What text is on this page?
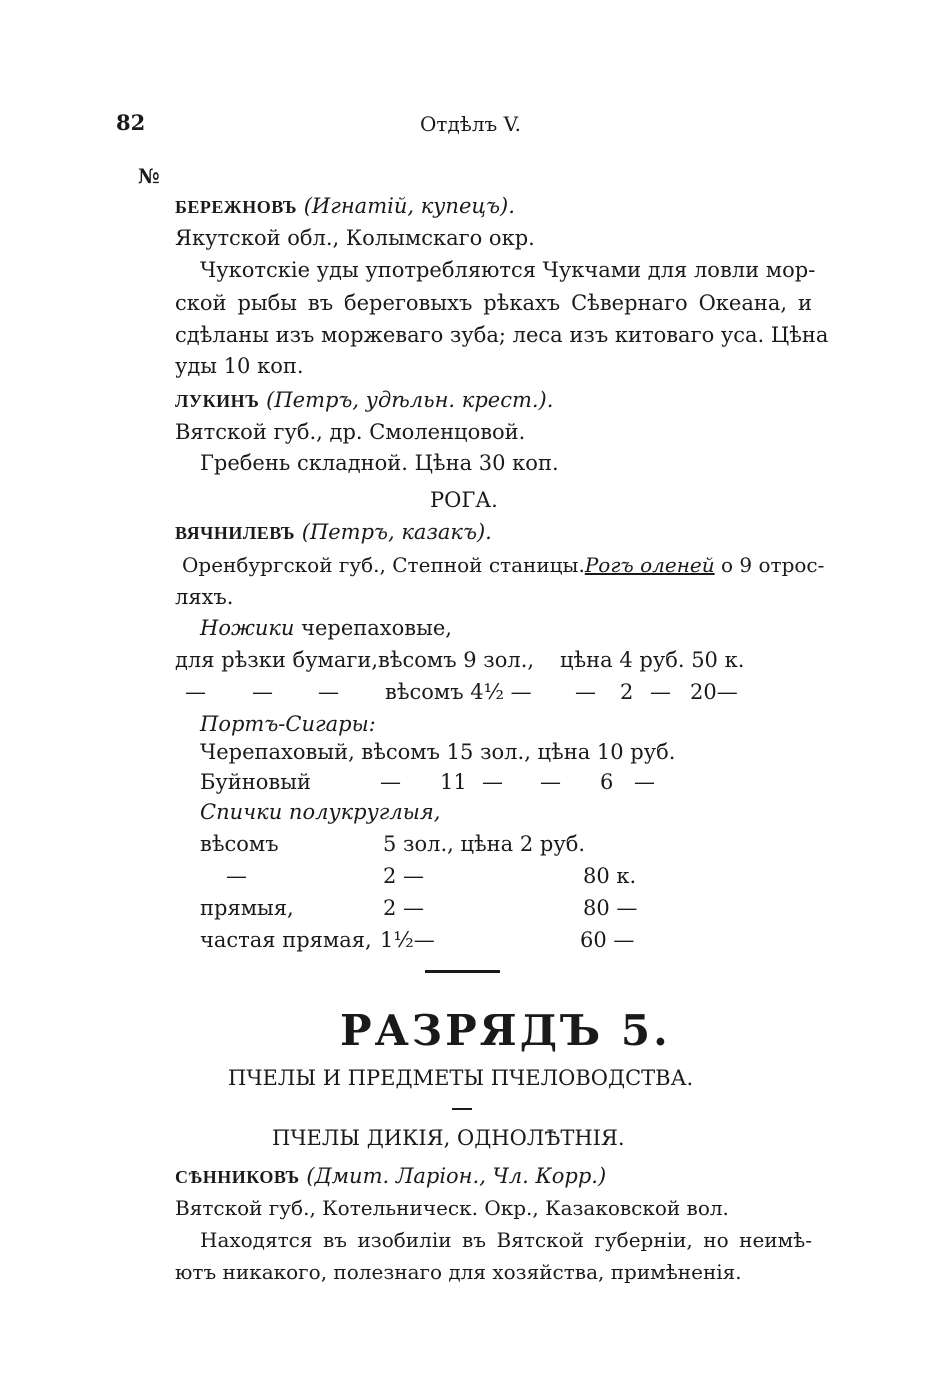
82	Отдѣлъ V.
№
БЕРЕЖНОВЪ (Игнатій, купецъ).
Якутской обл., Колымскаго окр.
Чукотскіе уды употребляются Чукчами для ловли мор-
ской рыбы въ береговыхъ рѣкахъ Сѣвернаго Океана, и
сдѣланы изъ моржеваго зуба; леса изъ китоваго уса. Цѣна
уды 10 коп.
ЛУКИНЪ (Петръ, удѣльн. крест.).
Вятской губ., др. Смоленцовой.
Гребень складной. Цѣна 30 коп.
РОГА.
ВЯЧНИЛЕВЪ (Петръ, казакъ).
Оренбургской губ., Степной станицы.Рогъ оленей о 9 отрос-
ляхъ.
Ножики черепаховые,
для рѣзки бумаги, вѣсомъ 9 зол., цѣна 4 руб. 50 к.
— — — вѣсомъ 4½ — — 2 — 20—
Портъ-Сигары:
Черепаховый, вѣсомъ 15 зол., цѣна 10 руб.
Буйновый	— 11 — — 6 —
Спички полукруглыя,
вѣсомъ	5 зол., цѣна 2 руб.
—	2 —	80 к.
прямыя,	2 —	80 —
частая прямая, 1½—	60 —
РАЗРЯДЪ 5.
ПЧЕЛЫ И ПРЕДМЕТЫ ПЧЕЛОВОДСТВА.
ПЧЕЛЫ ДИКІЯ, ОДНОЛѢТНІЯ.
СѢННИКОВЪ (Дмит. Ларіон., Чл. Корр.)
Вятской губ., Котельническ. Окр., Казаковской вол.
Находятся въ изобиліи въ Вятской губерніи, но неимѣ-
ютъ никакого, полезнаго для хозяйства, примѣненія.
